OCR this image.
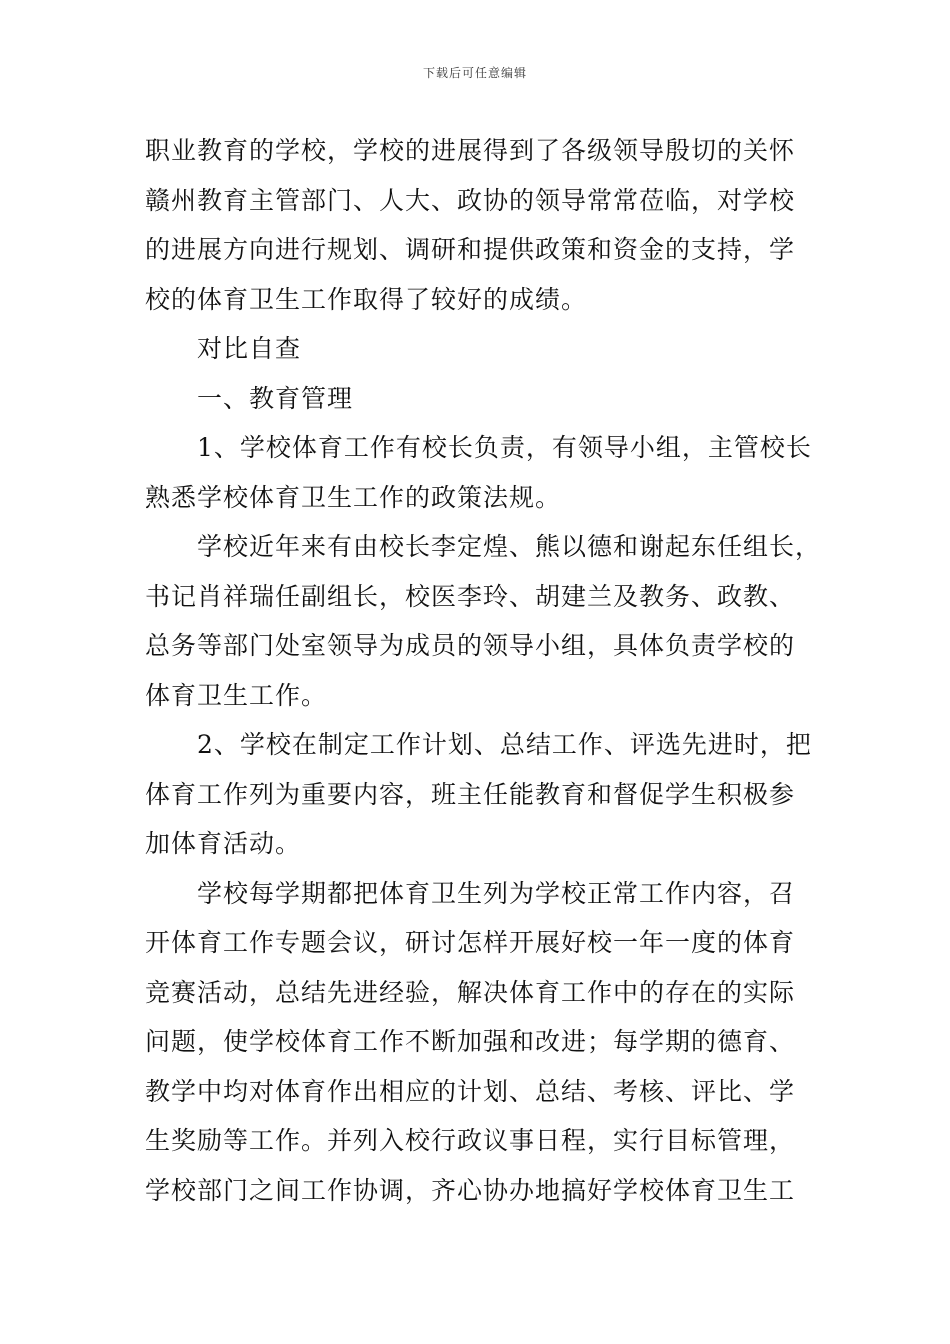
下载后可任意编辑
职业教育的学校，学校的进展得到了各级领导殷切的关怀
赣州教育主管部门、人大、政协的领导常常莅临，对学校
的进展方向进行规划、调研和提供政策和资金的支持，学
校的体育卫生工作取得了较好的成绩。
对比自查
一、教育管理
1、学校体育工作有校长负责，有领导小组，主管校长
熟悉学校体育卫生工作的政策法规。
学校近年来有由校长李定煌、熊以德和谢起东任组长，
书记肖祥瑞任副组长，校医李玲、胡建兰及教务、政教、
总务等部门处室领导为成员的领导小组，具体负责学校的
体育卫生工作。
2、学校在制定工作计划、总结工作、评选先进时，把
体育工作列为重要内容，班主任能教育和督促学生积极参
加体育活动。
学校每学期都把体育卫生列为学校正常工作内容，召
开体育工作专题会议，研讨怎样开展好校一年一度的体育
竞赛活动，总结先进经验，解决体育工作中的存在的实际
问题，使学校体育工作不断加强和改进；每学期的德育、
教学中均对体育作出相应的计划、总结、考核、评比、学
生奖励等工作。并列入校行政议事日程，实行目标管理，
学校部门之间工作协调，齐心协办地搞好学校体育卫生工
